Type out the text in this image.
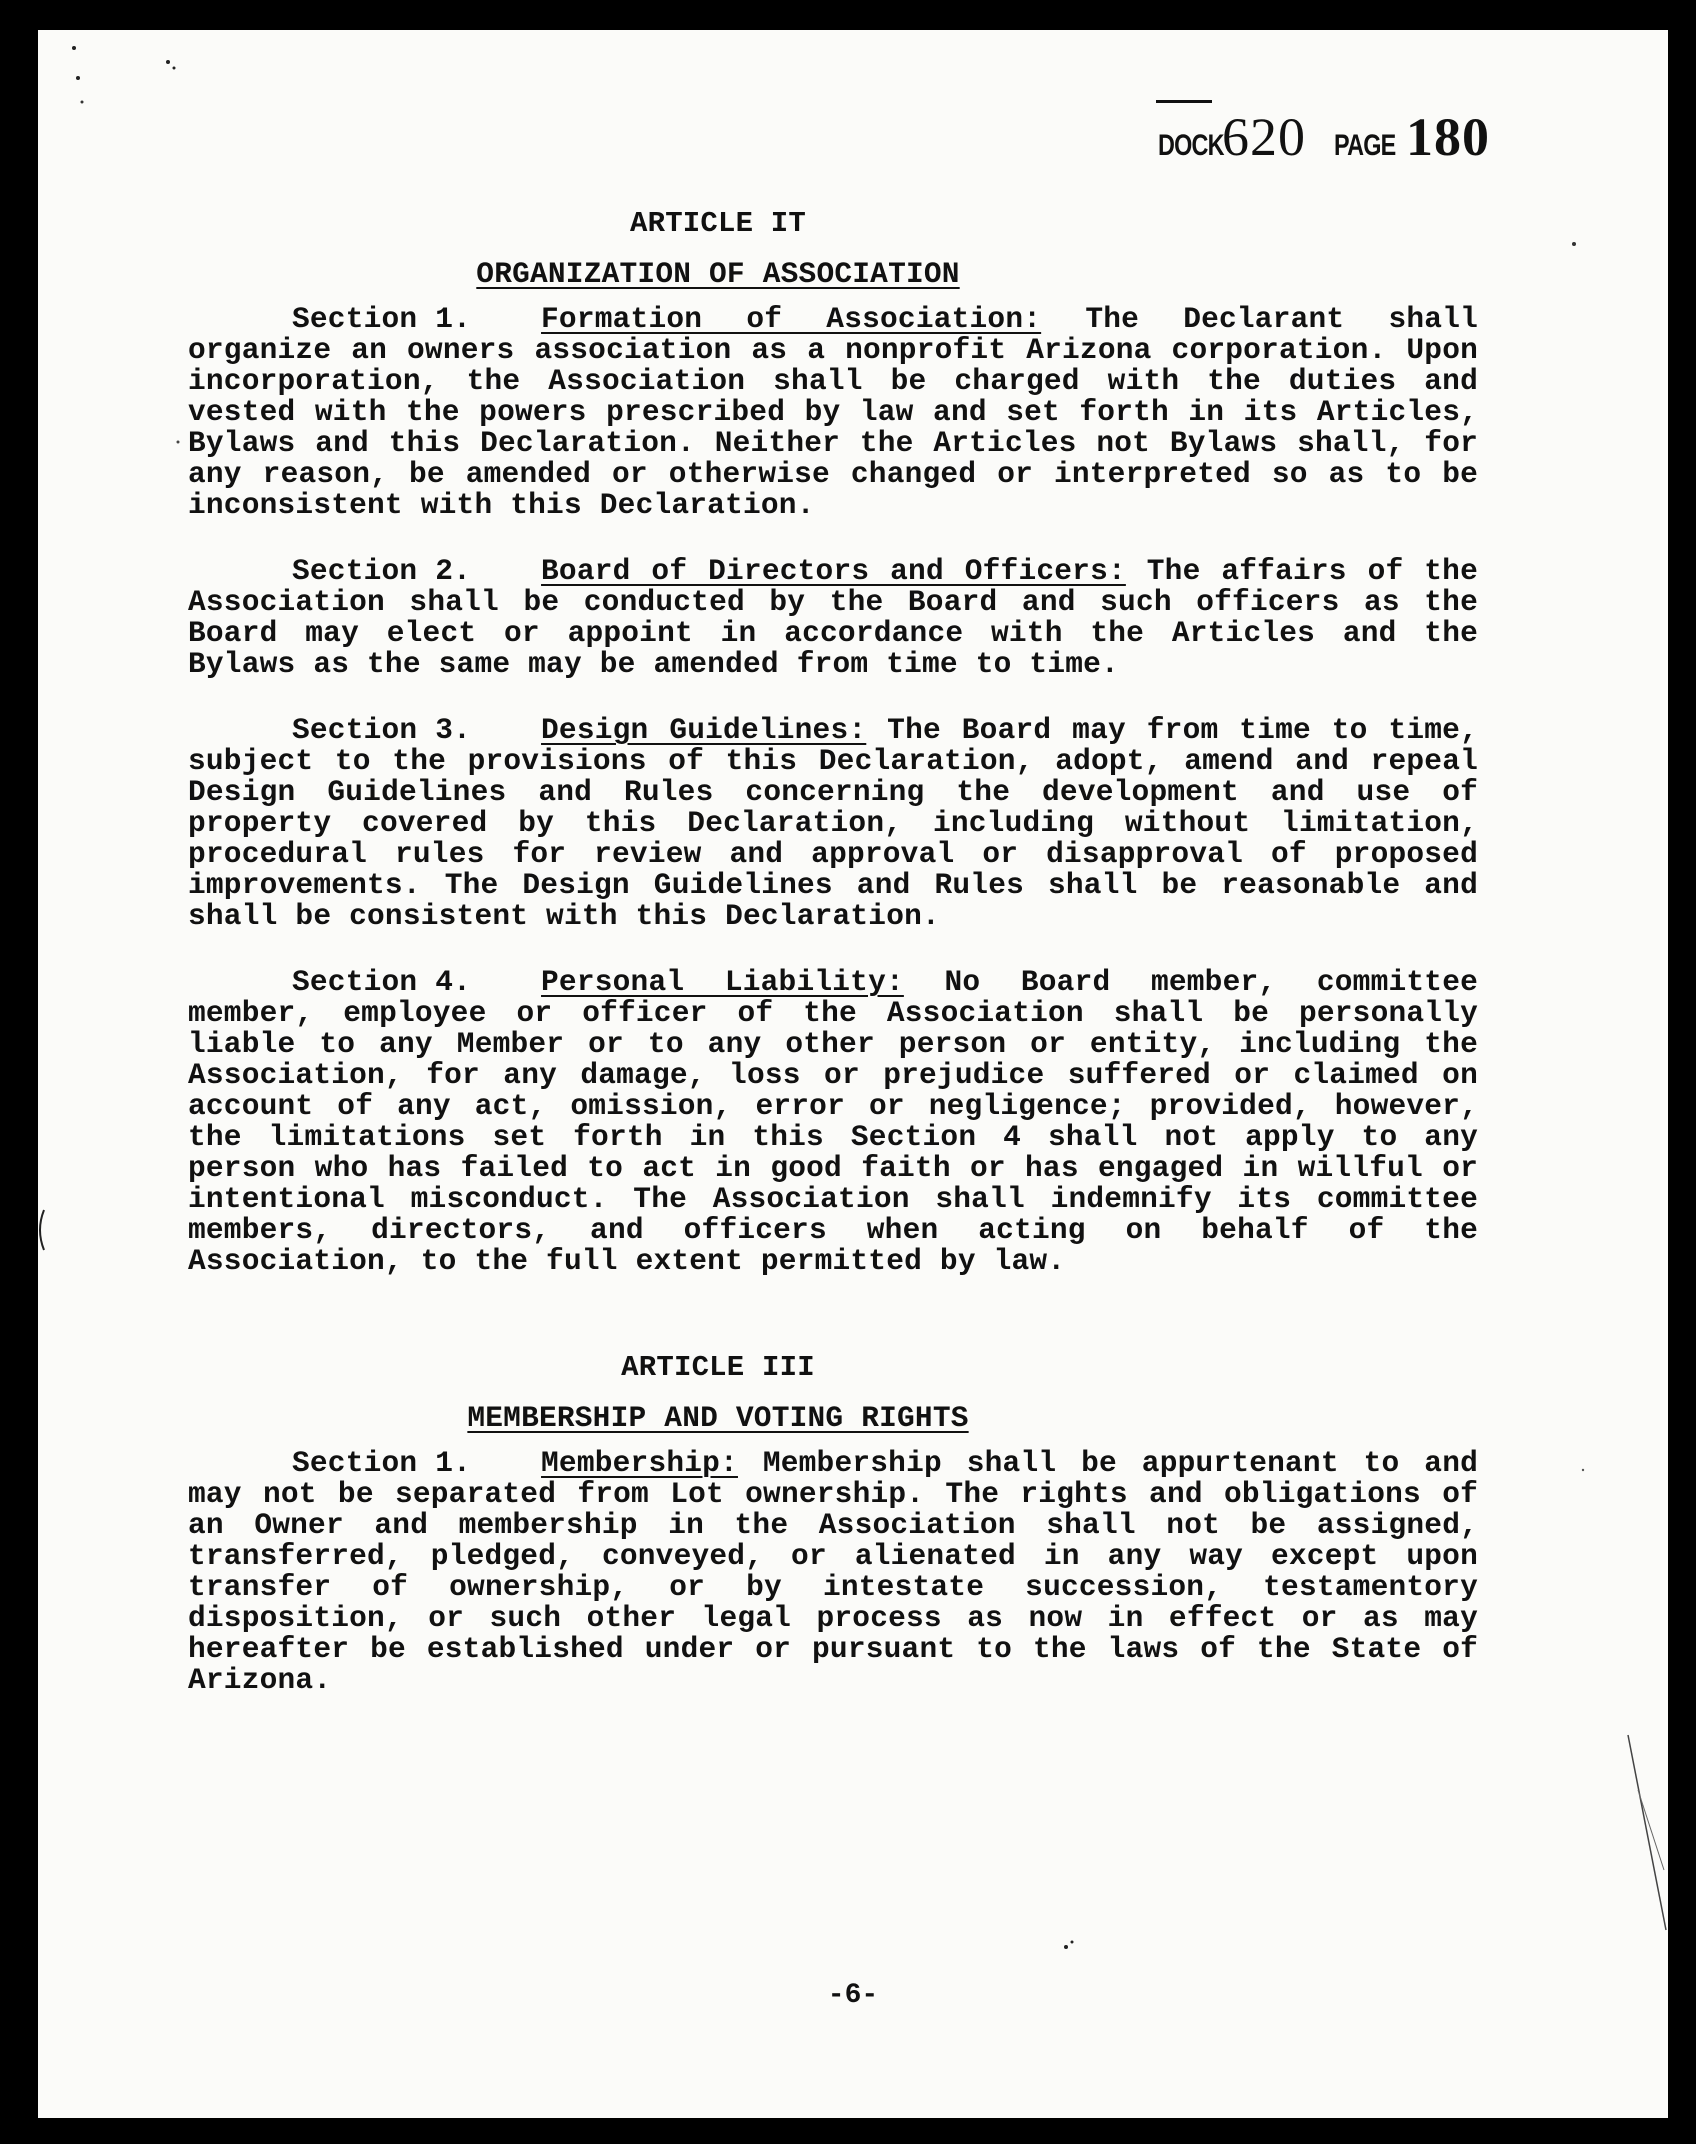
DOCK
620 PAGE 180
ARTICLE IT
ORGANIZATION OF ASSOCIATION

Section 1. Formation of Association: The Declarant shall organize an owners association as a nonprofit Arizona corporation. Upon incorporation, the Association shall be charged with the duties and vested with the powers prescribed by law and set forth in its Articles, Bylaws and this Declaration. Neither the Articles not Bylaws shall, for any reason, be amended or otherwise changed or interpreted so as to be inconsistent with this Declaration.

Section 2. Board of Directors and Officers: The affairs of the Association shall be conducted by the Board and such officers as the Board may elect or appoint in accordance with the Articles and the Bylaws as the same may be amended from time to time.

Section 3. Design Guidelines: The Board may from time to time, subject to the provisions of this Declaration, adopt, amend and repeal Design Guidelines and Rules concerning the development and use of property covered by this Declaration, including without limitation, procedural rules for review and approval or disapproval of proposed improvements. The Design Guidelines and Rules shall be reasonable and shall be consistent with this Declaration.

Section 4. Personal Liability: No Board member, committee member, employee or officer of the Association shall be personally liable to any Member or to any other person or entity, including the Association, for any damage, loss or prejudice suffered or claimed on account of any act, omission, error or negligence; provided, however, the limitations set forth in this Section 4 shall not apply to any person who has failed to act in good faith or has engaged in willful or intentional misconduct. The Association shall indemnify its committee members, directors, and officers when acting on behalf of the Association, to the full extent permitted by law.

ARTICLE III
MEMBERSHIP AND VOTING RIGHTS

Section 1. Membership: Membership shall be appurtenant to and may not be separated from Lot ownership. The rights and obligations of an Owner and membership in the Association shall not be assigned, transferred, pledged, conveyed, or alienated in any way except upon transfer of ownership, or by intestate succession, testamentory disposition, or such other legal process as now in effect or as may hereafter be established under or pursuant to the laws of the State of Arizona.

-6-
